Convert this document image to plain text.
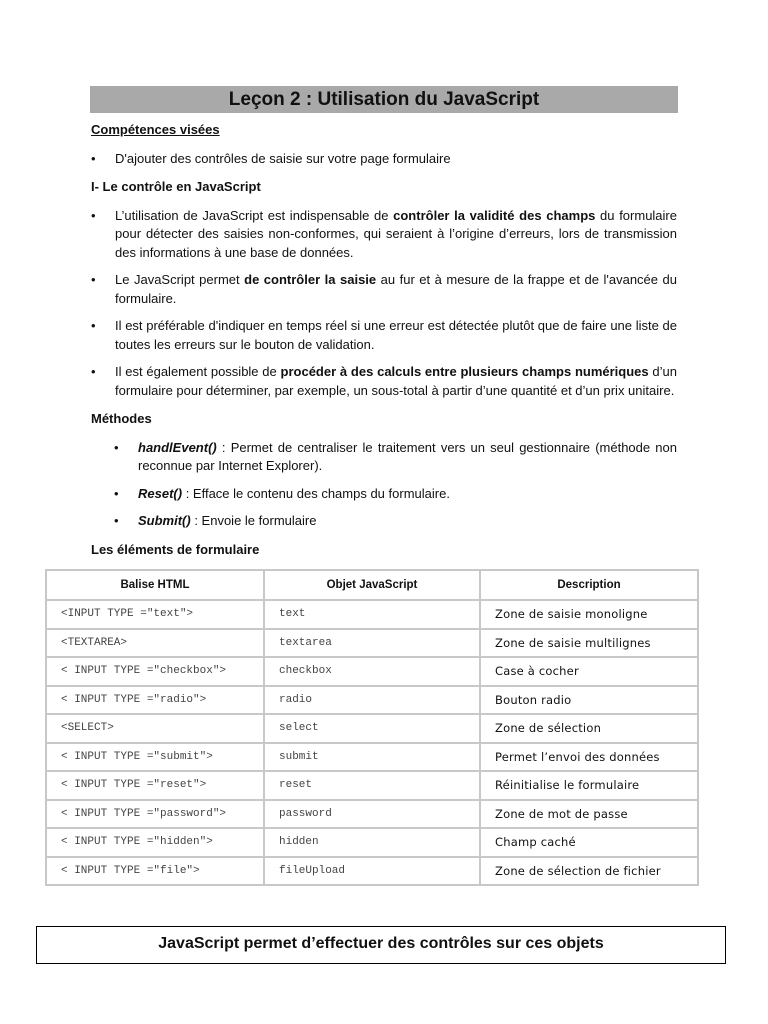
Leçon 2 : Utilisation du JavaScript
Compétences visées
• D'ajouter des contrôles de saisie sur votre page formulaire
I- Le contrôle en JavaScript
• L’utilisation de JavaScript est indispensable de contrôler la validité des champs du formulaire pour détecter des saisies non-conformes, qui seraient à l’origine d’erreurs, lors de transmission des informations à une base de données.
• Le JavaScript permet de contrôler la saisie au fur et à mesure de la frappe et de l'avancée du formulaire.
• Il est préférable d'indiquer en temps réel si une erreur est détectée plutôt que de faire une liste de toutes les erreurs sur le bouton de validation.
• Il est également possible de procéder à des calculs entre plusieurs champs numériques d’un formulaire pour déterminer, par exemple, un sous-total à partir d’une quantité et d’un prix unitaire.
Méthodes
• handlEvent() : Permet de centraliser le traitement vers un seul gestionnaire (méthode non reconnue par Internet Explorer).
• Reset() : Efface le contenu des champs du formulaire.
• Submit() : Envoie le formulaire
Les éléments de formulaire
Balise HTML	Objet JavaScript	Description
<INPUT TYPE ="text">	text	Zone de saisie monoligne
<TEXTAREA>	textarea	Zone de saisie multilignes
< INPUT TYPE ="checkbox">	checkbox	Case à cocher
< INPUT TYPE ="radio">	radio	Bouton radio
<SELECT>	select	Zone de sélection
< INPUT TYPE ="submit">	submit	Permet l’envoi des données
< INPUT TYPE ="reset">	reset	Réinitialise le formulaire
< INPUT TYPE ="password">	password	Zone de mot de passe
< INPUT TYPE ="hidden">	hidden	Champ caché
< INPUT TYPE ="file">	fileUpload	Zone de sélection de fichier
JavaScript permet d’effectuer des contrôles sur ces objets
